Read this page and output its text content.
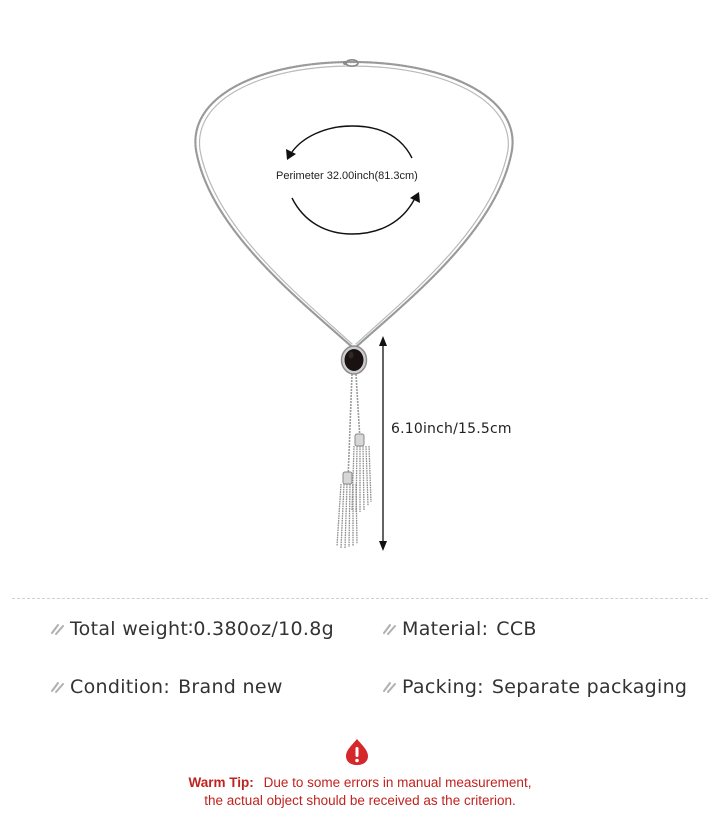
Perimeter 32.00inch(81.3cm)
6.10inch/15.5cm
Total weight∶ 0.380oz/10.8g	Material: CCB
Condition: Brand new	Packing: Separate packaging
Warm Tip: Due to some errors in manual measurement,
the actual object should be received as the criterion.
